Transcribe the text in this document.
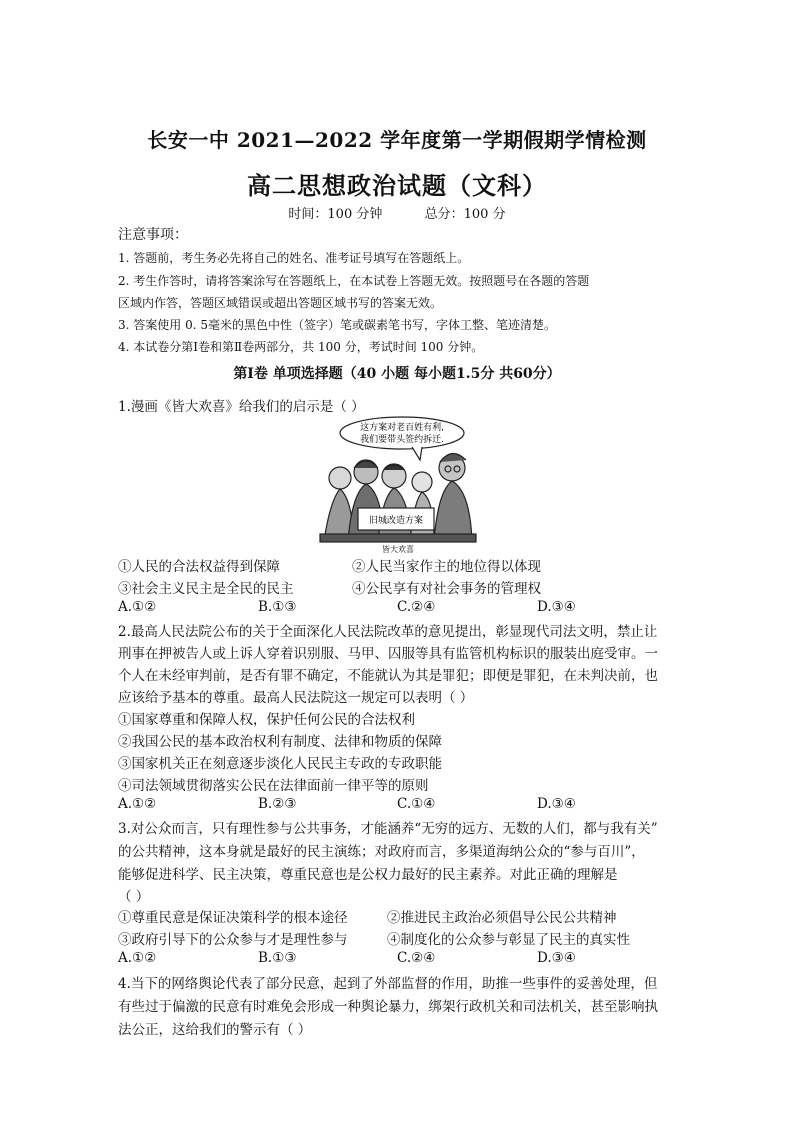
长安一中 2021—2022 学年度第一学期假期学情检测
高二思想政治试题（文科）
时间：100 分钟	总分：100 分
注意事项：
1. 答题前，考生务必先将自己的姓名、准考证号填写在答题纸上。
2. 考生作答时，请将答案涂写在答题纸上，在本试卷上答题无效。按照题号在各题的答题
区域内作答，答题区域错误或超出答题区域书写的答案无效。
3. 答案使用 0. 5毫米的黑色中性（签字）笔或碳素笔书写，字体工整、笔迹清楚。
4. 本试卷分第Ⅰ卷和第Ⅱ卷两部分，共 100 分，考试时间 100 分钟。
第Ⅰ卷 单项选择题（40 小题 每小题1.5分 共60分）
1.漫画《皆大欢喜》给我们的启示是（ ）
这方案对老百姓有利,
我们要带头签约拆迁.
旧城改造方案
皆大欢喜
①人民的合法权益得到保障	②人民当家作主的地位得以体现
③社会主义民主是全民的民主	④公民享有对社会事务的管理权
A.①②	B.①③	C.②④	D.③④
2.最高人民法院公布的关于全面深化人民法院改革的意见提出，彰显现代司法文明，禁止让
刑事在押被告人或上诉人穿着识别服、马甲、囚服等具有监管机构标识的服装出庭受审。一
个人在未经审判前，是否有罪不确定，不能就认为其是罪犯；即便是罪犯，在未判决前，也
应该给予基本的尊重。最高人民法院这一规定可以表明（ ）
①国家尊重和保障人权，保护任何公民的合法权利
②我国公民的基本政治权利有制度、法律和物质的保障
③国家机关正在刻意逐步淡化人民民主专政的专政职能
④司法领域贯彻落实公民在法律面前一律平等的原则
A.①②	B.②③	C.①④	D.③④
3.对公众而言，只有理性参与公共事务，才能涵养“无穷的远方、无数的人们，都与我有关”
的公共精神，这本身就是最好的民主演练；对政府而言，多渠道海纳公众的“参与百川”，
能够促进科学、民主决策，尊重民意也是公权力最好的民主素养。对此正确的理解是
（ ）
①尊重民意是保证决策科学的根本途径	②推进民主政治必须倡导公民公共精神
③政府引导下的公众参与才是理性参与	④制度化的公众参与彰显了民主的真实性
A.①②	B.①③	C.②④	D.③④
4.当下的网络舆论代表了部分民意，起到了外部监督的作用，助推一些事件的妥善处理，但
有些过于偏激的民意有时难免会形成一种舆论暴力，绑架行政机关和司法机关，甚至影响执
法公正，这给我们的警示有（ ）
